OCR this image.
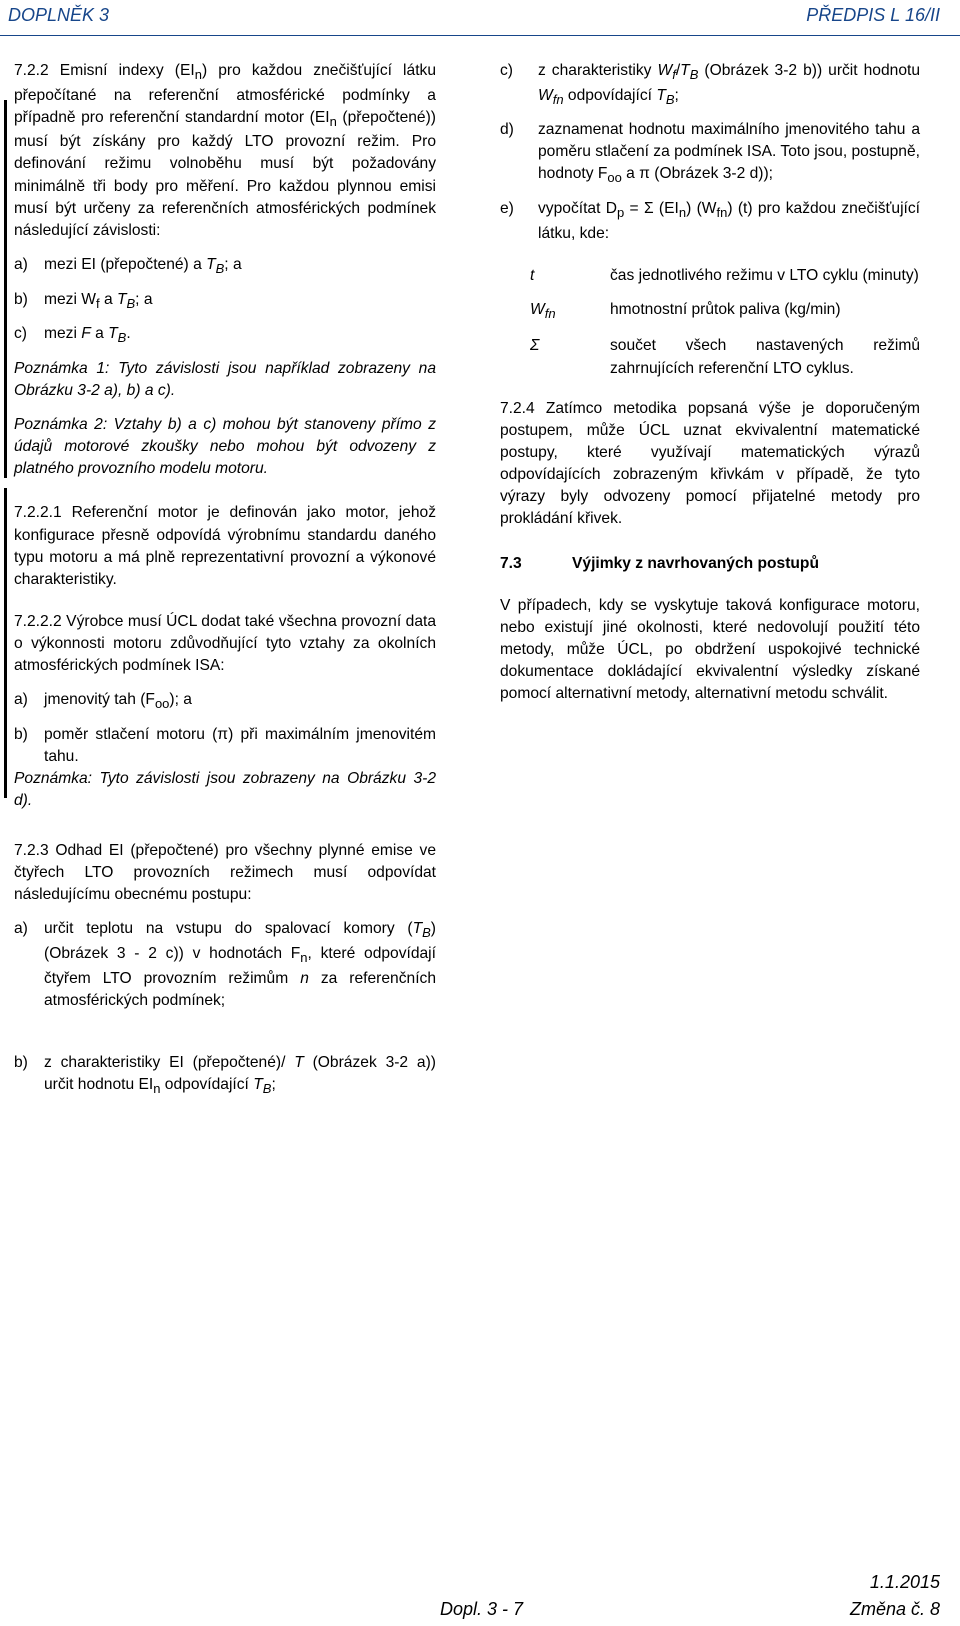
DOPLNĚK 3	PŘEDPIS L 16/II

7.2.2 Emisní indexy $(EI_n)$ pro každou znečišťující látku přepočítané na referenční atmosférické podmínky a případně pro referenční standardní motor ($EI_n$ (přepočtené)) musí být získány pro každý LTO provozní režim. Pro definování režimu volnoběhu musí být požadovány minimálně tři body pro měření. Pro každou plynnou emisi musí být určeny za referenčních atmosférických podmínek následující závislosti:

a)	mezi EI (přepočtené) a $T_B$; a
b)	mezi $W_f$ a $T_B$; a
c)	mezi F a $T_B$.

Poznámka 1: Tyto závislosti jsou například zobrazeny na Obrázku 3-2 a), b) a c).

Poznámka 2: Vztahy b) a c) mohou být stanoveny přímo z údajů motorové zkoušky nebo mohou být odvozeny z platného provozního modelu motoru.

7.2.2.1 Referenční motor je definován jako motor, jehož konfigurace přesně odpovídá výrobnímu standardu daného typu motoru a má plně reprezentativní provozní a výkonové charakteristiky.

7.2.2.2 Výrobce musí ÚCL dodat také všechna provozní data o výkonnosti motoru zdůvodňující tyto vztahy za okolních atmosférických podmínek ISA:

a)	jmenovitý tah $(F_{oo})$; a
b)	poměr stlačení motoru (π) při maximálním jmenovitém tahu.

Poznámka: Tyto závislosti jsou zobrazeny na Obrázku 3-2 d).

c)	z charakteristiky $W_f/T_B$ (Obrázek 3-2 b)) určit hodnotu $W_{fn}$ odpovídající $T_B$;
d)	zaznamenat hodnotu maximálního jmenovitého tahu a poměru stlačení za podmínek ISA. Toto jsou, postupně, hodnoty $F_{oo}$ a π (Obrázek 3-2 d));
e)	vypočítat $D_p = \Sigma$ $(EI_n)$ $(W_{fn})$ (t) pro každou znečišťující látku, kde:
t	čas jednotlivého režimu v LTO cyklu (minuty)
$W_{fn}$	hmotnostní průtok paliva (kg/min)
Σ	součet všech nastavených režimů zahrnujících referenční LTO cyklus.

7.2.4 Zatímco metodika popsaná výše je doporučeným postupem, může ÚCL uznat ekvivalentní matematické postupy, které využívají matematických výrazů odpovídajících zobrazeným křivkám v případě, že tyto výrazy byly odvozeny pomocí přijatelné metody pro prokládání křivek.

7.3	Výjimky z navrhovaných postupů

V případech, kdy se vyskytuje taková konfigurace motoru, nebo existují jiné okolnosti, které nedovolují použití této metody, může ÚCL, po obdržení uspokojivé technické dokumentace dokládající ekvivalentní výsledky získané pomocí alternativní metody, alternativní metodu schválit.

7.2.3 Odhad EI (přepočtené) pro všechny plynné emise ve čtyřech LTO provozních režimech musí odpovídat následujícímu obecnému postupu:

a)	určit teplotu na vstupu do spalovací komory $(T_B)$ (Obrázek 3 - 2 c)) v hodnotách $F_n$, které odpovídají čtyřem LTO provozním režimům n za referenčních atmosférických podmínek;
b)	z charakteristiky EI (přepočtené)/ T (Obrázek 3-2 a)) určit hodnotu $EI_n$ odpovídající $T_B$;
Dopl. 3 - 7
1.1.2015
Změna č. 8
